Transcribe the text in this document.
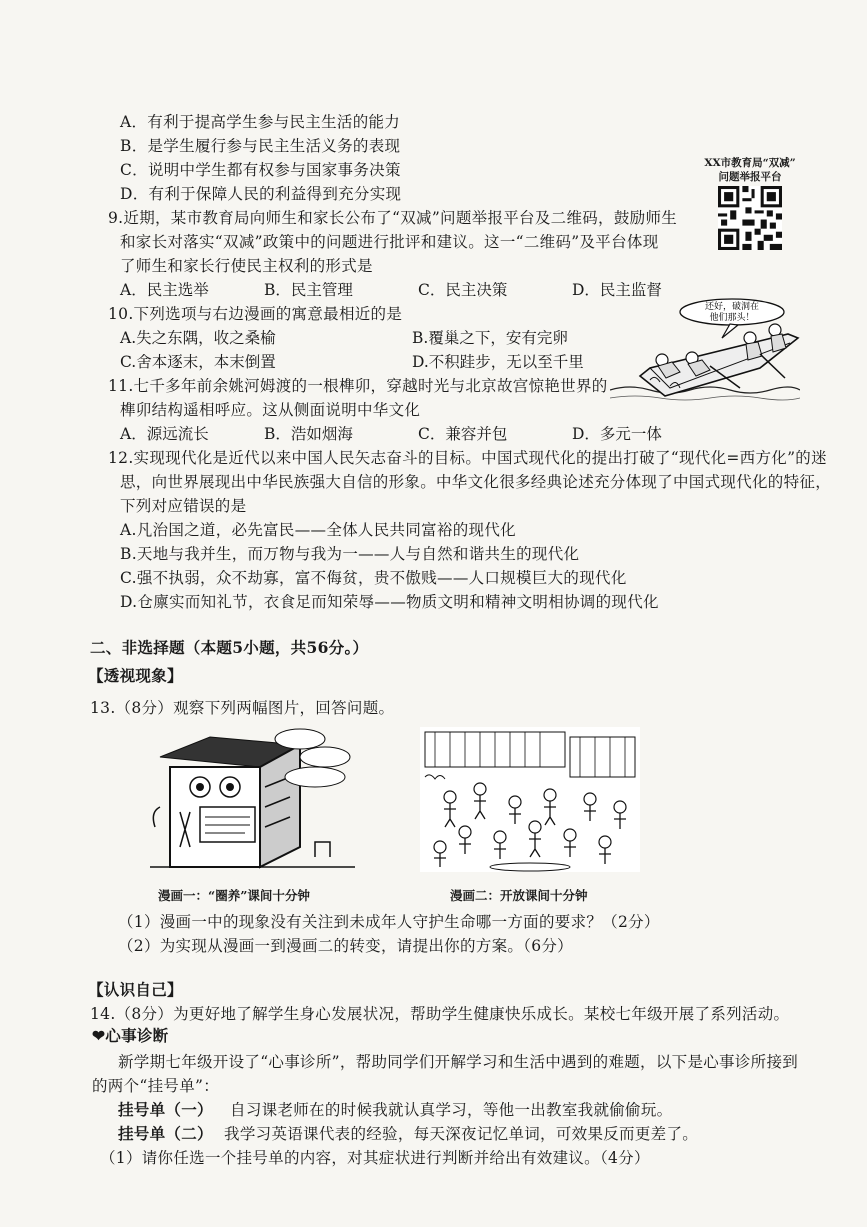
A．有利于提高学生参与民主生活的能力
B．是学生履行参与民主生活义务的表现
C．说明中学生都有权参与国家事务决策
D．有利于保障人民的利益得到充分实现
XX市教育局“双减”
问题举报平台
9.近期，某市教育局向师生和家长公布了“双减”问题举报平台及二维码，鼓励师生
和家长对落实“双减”政策中的问题进行批评和建议。这一“二维码”及平台体现
了师生和家长行使民主权利的形式是
A．民主选举	B．民主管理	C．民主决策	D．民主监督
10.下列选项与右边漫画的寓意最相近的是
A.失之东隅，收之桑榆	B.覆巢之下，安有完卵
C.舍本逐末，本末倒置	D.不积跬步，无以至千里
还好，破洞在
他们那头！
11.七千多年前余姚河姆渡的一根榫卯，穿越时光与北京故宫惊艳世界的
榫卯结构遥相呼应。这从侧面说明中华文化
A．源远流长	B．浩如烟海	C．兼容并包	D．多元一体
12.实现现代化是近代以来中国人民矢志奋斗的目标。中国式现代化的提出打破了“现代化=西方化”的迷
思，向世界展现出中华民族强大自信的形象。中华文化很多经典论述充分体现了中国式现代化的特征，
下列对应错误的是
A.凡治国之道，必先富民——全体人民共同富裕的现代化
B.天地与我并生，而万物与我为一——人与自然和谐共生的现代化
C.强不执弱，众不劫寡，富不侮贫，贵不傲贱——人口规模巨大的现代化
D.仓廪实而知礼节，衣食足而知荣辱——物质文明和精神文明相协调的现代化
二、非选择题（本题5小题，共56分。）
【透视现象】
13.（8分）观察下列两幅图片，回答问题。
漫画一：“圈养”课间十分钟	漫画二：开放课间十分钟
（1）漫画一中的现象没有关注到未成年人守护生命哪一方面的要求？（2分）
（2）为实现从漫画一到漫画二的转变，请提出你的方案。（6分）
【认识自己】
14.（8分）为更好地了解学生身心发展状况，帮助学生健康快乐成长。某校七年级开展了系列活动。
❤心事诊断
新学期七年级开设了“心事诊所”，帮助同学们开解学习和生活中遇到的难题，以下是心事诊所接到
的两个“挂号单”：
挂号单（一） 自习课老师在的时候我就认真学习，等他一出教室我就偷偷玩。
挂号单（二） 我学习英语课代表的经验，每天深夜记忆单词，可效果反而更差了。
（1）请你任选一个挂号单的内容，对其症状进行判断并给出有效建议。（4分）
